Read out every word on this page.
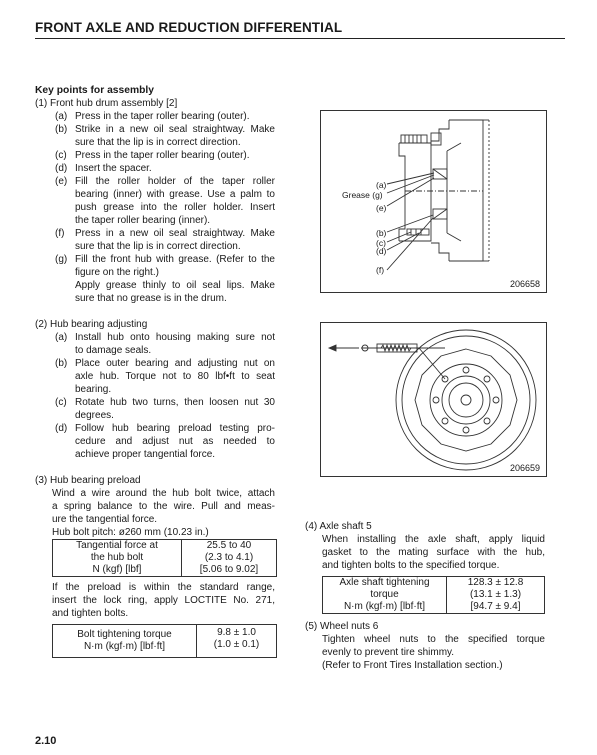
FRONT AXLE AND REDUCTION DIFFERENTIAL
Key points for assembly
(1) Front hub drum assembly [2]
(a) Press in the taper roller bearing (outer).
(b) Strike in a new oil seal straightway. Make
sure that the lip is in correct direction.
(c) Press in the taper roller bearing (outer).
(d) Insert the spacer.
(e) Fill the roller holder of the taper roller
bearing (inner) with grease. Use a palm to
push grease into the roller holder. Insert
the taper roller bearing (inner).
(f) Press in a new oil seal straightway. Make
sure that the lip is in correct direction.
(g) Fill the front hub with grease. (Refer to the
figure on the right.)
Apply grease thinly to oil seal lips. Make
sure that no grease is in the drum.
(2) Hub bearing adjusting
(a) Install hub onto housing making sure not
to damage seals.
(b) Place outer bearing and adjusting nut on
axle hub. Torque not to 80 lbf•ft to seat
bearing.
(c) Rotate hub two turns, then loosen nut 30
degrees.
(d) Follow hub bearing preload testing pro-
cedure and adjust nut as needed to
achieve proper tangential force.
(3) Hub bearing preload
Wind a wire around the hub bolt twice, attach
a spring balance to the wire. Pull and meas-
ure the tangential force.
Hub bolt pitch: ø260 mm (10.23 in.)
Tangential force at
the hub bolt
N (kgf) [lbf]

25.5 to 40
(2.3 to 4.1)
[5.06 to 9.02]
If the preload is within the standard range,
insert the lock ring, apply LOCTITE No. 271,
and tighten bolts.
Bolt tightening torque
N·m (kgf·m) [lbf·ft]

9.8 ± 1.0
(1.0 ± 0.1)
(a)
Grease (g)
(e)
(b)
(c)
(d)
(f)
206658
206659
(4) Axle shaft 5
When installing the axle shaft, apply liquid
gasket to the mating surface with the hub,
and tighten bolts to the specified torque.
Axle shaft tightening
torque
N·m (kgf·m) [lbf·ft]

128.3 ± 12.8
(13.1 ± 1.3)
[94.7 ± 9.4]
(5) Wheel nuts 6
Tighten wheel nuts to the specified torque
evenly to prevent tire shimmy.
(Refer to Front Tires Installation section.)
2.10
